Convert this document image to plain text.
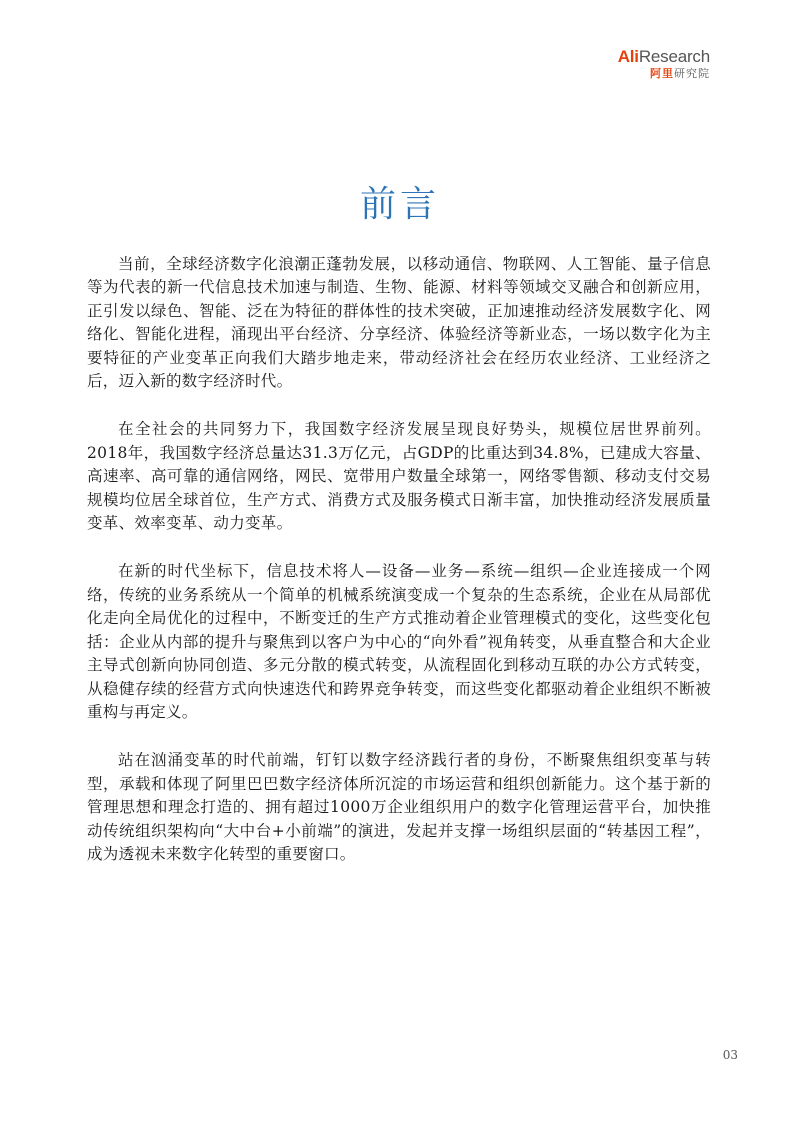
AliResearch
阿里研究院
前言

当前，全球经济数字化浪潮正蓬勃发展，以移动通信、物联网、人工智能、量子信息等为代表的新一代信息技术加速与制造、生物、能源、材料等领域交叉融合和创新应用，正引发以绿色、智能、泛在为特征的群体性的技术突破，正加速推动经济发展数字化、网络化、智能化进程，涌现出平台经济、分享经济、体验经济等新业态，一场以数字化为主要特征的产业变革正向我们大踏步地走来，带动经济社会在经历农业经济、工业经济之后，迈入新的数字经济时代。

在全社会的共同努力下，我国数字经济发展呈现良好势头，规模位居世界前列。2018年，我国数字经济总量达31.3万亿元，占GDP的比重达到34.8%，已建成大容量、高速率、高可靠的通信网络，网民、宽带用户数量全球第一，网络零售额、移动支付交易规模均位居全球首位，生产方式、消费方式及服务模式日渐丰富，加快推动经济发展质量变革、效率变革、动力变革。

在新的时代坐标下，信息技术将人—设备—业务—系统—组织—企业连接成一个网络，传统的业务系统从一个简单的机械系统演变成一个复杂的生态系统，企业在从局部优化走向全局优化的过程中，不断变迁的生产方式推动着企业管理模式的变化，这些变化包括：企业从内部的提升与聚焦到以客户为中心的“向外看”视角转变，从垂直整合和大企业主导式创新向协同创造、多元分散的模式转变，从流程固化到移动互联的办公方式转变，从稳健存续的经营方式向快速迭代和跨界竞争转变，而这些变化都驱动着企业组织不断被重构与再定义。

站在汹涌变革的时代前端，钉钉以数字经济践行者的身份，不断聚焦组织变革与转型，承载和体现了阿里巴巴数字经济体所沉淀的市场运营和组织创新能力。这个基于新的管理思想和理念打造的、拥有超过1000万企业组织用户的数字化管理运营平台，加快推动传统组织架构向“大中台+小前端”的演进，发起并支撑一场组织层面的“转基因工程”，成为透视未来数字化转型的重要窗口。

03
